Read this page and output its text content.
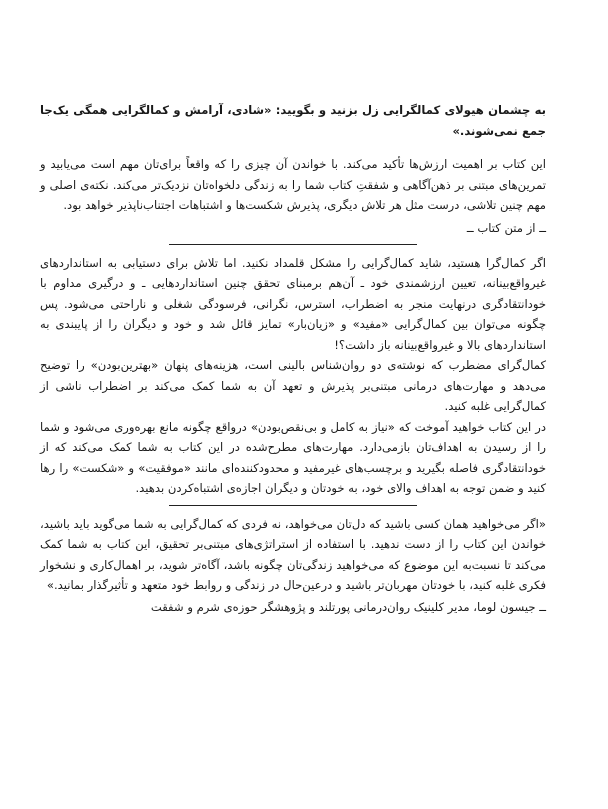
به چشمان هیولای کمالگرایی زل بزنید و بگویید: «شادی، آرامش و کمالگرایی همگی یک‌جا جمع نمی‌شوند.»

این کتاب بر اهمیت ارزش‌ها تأکید می‌کند. با خواندن آن چیزی را که واقعاً برای‌تان مهم است می‌یابید و تمرین‌های مبتنی بر ذهن‌آگاهی و شفقتِ کتاب شما را به زندگی دلخواه‌تان نزدیک‌تر می‌کند. نکته‌ی اصلی و مهم چنین تلاشی، درست مثل هر تلاش دیگری، پذیرش شکست‌ها و اشتباهات اجتناب‌ناپذیر خواهد بود.

ــ از متن کتاب ــ

اگر کمال‌گرا هستید، شاید کمال‌گرایی را مشکل قلمداد نکنید. اما تلاش برای دستیابی به استانداردهای غیرواقع‌بینانه، تعیین ارزشمندی خود ـ آن‌هم برمبنای تحقق چنین استانداردهایی ـ و درگیری مداوم با خودانتقادگری درنهایت منجر به اضطراب، استرس، نگرانی، فرسودگی شغلی و ناراحتی می‌شود. پس چگونه می‌توان بین کمال‌گرایی «مفید» و «زیان‌بار» تمایز قائل شد و خود و دیگران را از پایبندی به استانداردهای بالا و غیرواقع‌بینانه باز داشت؟!

کمال‌گرای مضطرب که نوشته‌ی دو روان‌شناس بالینی است، هزینه‌های پنهان «بهترین‌بودن» را توضیح می‌دهد و مهارت‌های درمانی مبتنی‌بر پذیرش و تعهد آن به شما کمک می‌کند بر اضطراب ناشی از کمال‌گرایی غلبه کنید.

در این کتاب خواهید آموخت که «نیاز به کامل و بی‌نقص‌بودن» درواقع چگونه مانع بهره‌وری می‌شود و شما را از رسیدن به اهداف‌تان بازمی‌دارد. مهارت‌های مطرح‌شده در این کتاب به شما کمک می‌کند که از خودانتقادگری فاصله بگیرید و برچسب‌های غیرمفید و محدودکننده‌ای مانند «موفقیت» و «شکست» را رها کنید و ضمن توجه به اهداف والای خود، به خودتان و دیگران اجازه‌ی اشتباه‌کردن بدهید.

«اگر می‌خواهید همان کسی باشید که دل‌تان می‌خواهد، نه فردی که کمال‌گرایی به شما می‌گوید باید باشید، خواندن این کتاب را از دست ندهید. با استفاده از استراتژی‌های مبتنی‌بر تحقیق، این کتاب به شما کمک می‌کند تا نسبت‌به این موضوع که می‌خواهید زندگی‌تان چگونه باشد، آگاه‌تر شوید، بر اهمال‌کاری و نشخوار فکری غلبه کنید، با خودتان مهربان‌تر باشید و درعین‌حال در زندگی و روابط خود متعهد و تأثیرگذار بمانید.»

ــ جیسون لوما، مدیر کلینیک روان‌درمانی پورتلند و پژوهشگر حوزه‌ی شرم و شفقت
